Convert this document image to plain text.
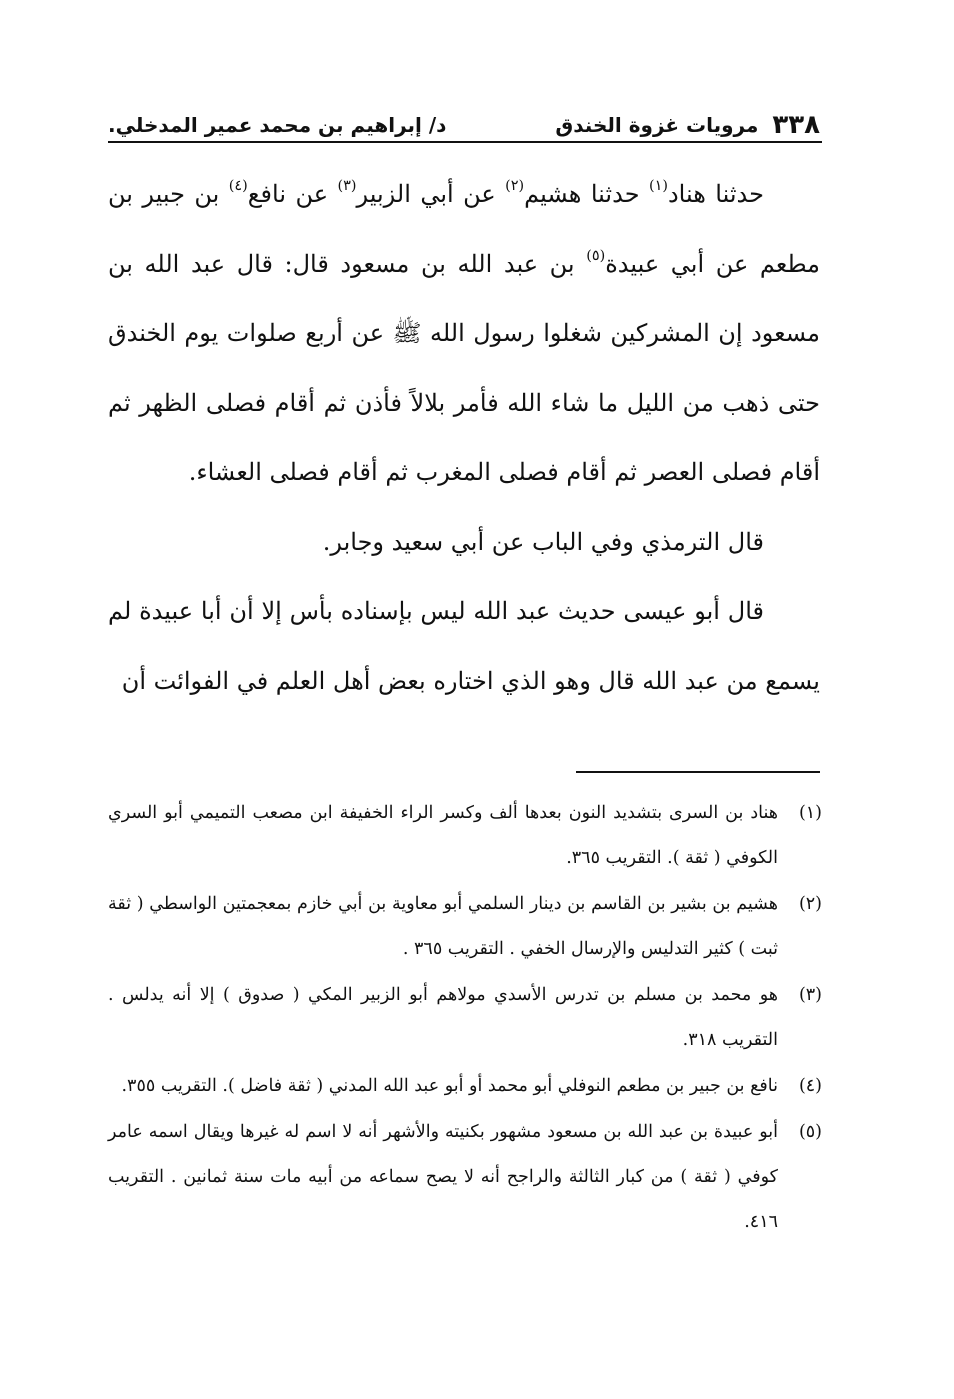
٣٣٨
مرويات غزوة الخندق
د/ إبراهيم بن محمد عمير المدخلي.

حدثنا هناد$^{(١)}$ حدثنا هشيم$^{(٢)}$ عن أبي الزبير$^{(٣)}$ عن نافع$^{(٤)}$ بن جبير بن مطعم عن أبي عبيدة$^{(٥)}$ بن عبد الله بن مسعود قال: قال عبد الله بن مسعود إن المشركين شغلوا رسول الله ﷺ عن أربع صلوات يوم الخندق حتى ذهب من الليل ما شاء الله فأمر بلالاً فأذن ثم أقام فصلى الظهر ثم أقام فصلى العصر ثم أقام فصلى المغرب ثم أقام فصلى العشاء.

قال الترمذي وفي الباب عن أبي سعيد وجابر.

قال أبو عيسى حديث عبد الله ليس بإسناده بأس إلا أن أبا عبيدة لم يسمع من عبد الله قال وهو الذي اختاره بعض أهل العلم في الفوائت أن

(١)
هناد بن السرى بتشديد النون بعدها ألف وكسر الراء الخفيفة ابن مصعب التميمي أبو السري الكوفي ( ثقة ). التقريب ٣٦٥.

(٢)
هشيم بن بشير بن القاسم بن دينار السلمي أبو معاوية بن أبي خازم بمعجمتين الواسطي ( ثقة ثبت ) كثير التدليس والإرسال الخفي . التقريب ٣٦٥ .

(٣)
هو محمد بن مسلم بن تدرس الأسدي مولاهم أبو الزبير المكي ( صدوق ) إلا أنه يدلس . التقريب ٣١٨.

(٤)
نافع بن جبير بن مطعم النوفلي أبو محمد أو أبو عبد الله المدني ( ثقة فاضل ). التقريب ٣٥٥.

(٥)
أبو عبيدة بن عبد الله بن مسعود مشهور بكنيته والأشهر أنه لا اسم له غيرها ويقال اسمه عامر كوفي ( ثقة ) من كبار الثالثة والراجح أنه لا يصح سماعه من أبيه مات سنة ثمانين . التقريب ٤١٦.
